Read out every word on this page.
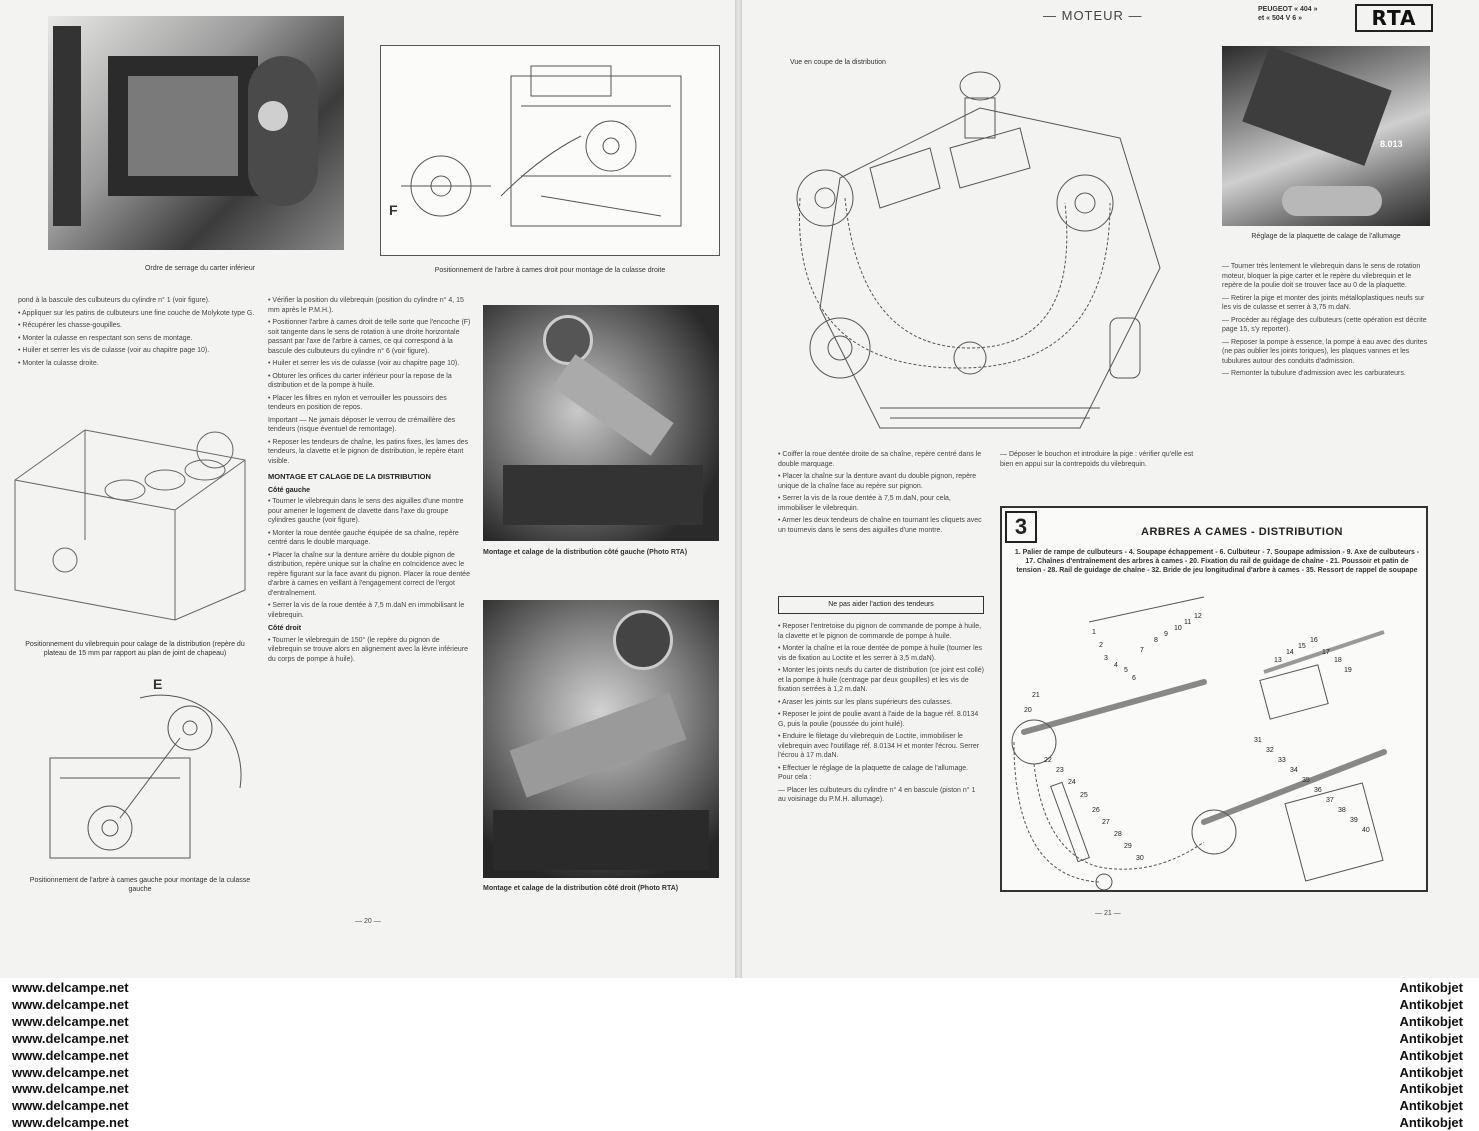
Ordre de serrage du carter inférieur
F
Positionnement de l'arbre à cames droit pour montage de la culasse droite

pond à la bascule des culbuteurs du cylindre n° 1 (voir figure).

• Appliquer sur les patins de culbuteurs une fine couche de Molykote type G.

• Récupérer les chasse-goupilles.

• Monter la culasse en respectant son sens de montage.

• Huiler et serrer les vis de culasse (voir au chapitre page 10).

• Monter la culasse droite.

Positionnement du vilebrequin pour calage de la distribution (repère du plateau de 15 mm par rapport au plan de joint de chapeau)
E
Positionnement de l'arbre à cames gauche pour montage de la culasse gauche

• Vérifier la position du vilebrequin (position du cylindre n° 4, 15 mm après le P.M.H.).

• Positionner l'arbre à cames droit de telle sorte que l'encoche (F) soit tangente dans le sens de rotation à une droite horizontale passant par l'axe de l'arbre à cames, ce qui correspond à la bascule des culbuteurs du cylindre n° 6 (voir figure).

• Huiler et serrer les vis de culasse (voir au chapitre page 10).

• Obturer les orifices du carter inférieur pour la repose de la distribution et de la pompe à huile.

• Placer les filtres en nylon et verrouiller les poussoirs des tendeurs en position de repos.

Important — Ne jamais déposer le verrou de crémaillère des tendeurs (risque éventuel de remontage).

• Reposer les tendeurs de chaîne, les patins fixes, les lames des tendeurs, la clavette et le pignon de distribution, le repère étant visible.

MONTAGE ET CALAGE DE LA DISTRIBUTION
Côté gauche

• Tourner le vilebrequin dans le sens des aiguilles d'une montre pour amener le logement de clavette dans l'axe du groupe cylindres gauche (voir figure).

• Monter la roue dentée gauche équipée de sa chaîne, repère centré dans le double marquage.

• Placer la chaîne sur la denture arrière du double pignon de distribution, repère unique sur la chaîne en coïncidence avec le repère figurant sur la face avant du pignon. Placer la roue dentée d'arbre à cames en veillant à l'engagement correct de l'ergot d'entraînement.

• Serrer la vis de la roue dentée à 7,5 m.daN en immobilisant le vilebrequin.

Côté droit

• Tourner le vilebrequin de 150° (le repère du pignon de vilebrequin se trouve alors en alignement avec la lèvre inférieure du corps de pompe à huile).

Montage et calage de la distribution côté gauche (Photo RTA)
Montage et calage de la distribution côté droit (Photo RTA)
— 20 —
— MOTEUR —	PEUGEOT « 404 »
et « 504 V 6 »	RTA
Vue en coupe de la distribution
8.013
Réglage de la plaquette de calage de l'allumage

— Tourner très lentement le vilebrequin dans le sens de rotation moteur, bloquer la pige carter et le repère du vilebrequin et le repère de la poulie doit se trouver face au 0 de la plaquette.

— Retirer la pige et monter des joints métalloplastiques neufs sur les vis de culasse et serrer à 3,75 m.daN.

— Procéder au réglage des culbuteurs (cette opération est décrite page 15, s'y reporter).

— Reposer la pompe à essence, la pompe à eau avec des durites (ne pas oublier les joints toriques), les plaques vannes et les tubulures autour des conduits d'admission.

— Remonter la tubulure d'admission avec les carburateurs.

• Coiffer la roue dentée droite de sa chaîne, repère centré dans le double marquage.

• Placer la chaîne sur la denture avant du double pignon, repère unique de la chaîne face au repère sur pignon.

• Serrer la vis de la roue dentée à 7,5 m.daN, pour cela, immobiliser le vilebrequin.

• Armer les deux tendeurs de chaîne en tournant les cliquets avec un tournevis dans le sens des aiguilles d'une montre.

Ne pas aider l'action des tendeurs

• Reposer l'entretoise du pignon de commande de pompe à huile, la clavette et le pignon de commande de pompe à huile.

• Monter la chaîne et la roue dentée de pompe à huile (tourner les vis de fixation au Loctite et les serrer à 3,5 m.daN).

• Monter les joints neufs du carter de distribution (ce joint est collé) et la pompe à huile (centrage par deux goupilles) et les vis de fixation serrées à 1,2 m.daN.

• Araser les joints sur les plans supérieurs des culasses.

• Reposer le joint de poulie avant à l'aide de la bague réf. 8.0134 G, puis la poulie (poussée du joint huilé).

• Enduire le filetage du vilebrequin de Loctite, immobiliser le vilebrequin avec l'outillage réf. 8.0134 H et monter l'écrou. Serrer l'écrou à 17 m.daN.

• Effectuer le réglage de la plaquette de calage de l'allumage. Pour cela :

— Placer les culbuteurs du cylindre n° 4 en bascule (piston n° 1 au voisinage du P.M.H. allumage).

— Déposer le bouchon et introduire la pige : vérifier qu'elle est bien en appui sur la contrepoids du vilebrequin.

3	ARBRES A CAMES - DISTRIBUTION
1. Palier de rampe de culbuteurs - 4. Soupape échappement - 6. Culbuteur - 7. Soupape admission - 9. Axe de culbuteurs - 17. Chaînes d'entraînement des arbres à cames - 20. Fixation du rail de guidage de chaîne - 21. Poussoir et patin de tension - 28. Rail de guidage de chaîne - 32. Bride de jeu longitudinal d'arbre à cames - 35. Ressort de rappel de soupape
1
2
3
4
5
6
7
8
9
10
11
12
13
14
15
16
17
18
19
20
21
22
23
24
25
26
27
28
29
30
31
32
33
34
35
36
37
38
39
40
— 21 —
www.delcampe.net
www.delcampe.net
www.delcampe.net
www.delcampe.net
www.delcampe.net
www.delcampe.net
www.delcampe.net
www.delcampe.net
www.delcampe.net
Antikobjet
Antikobjet
Antikobjet
Antikobjet
Antikobjet
Antikobjet
Antikobjet
Antikobjet
Antikobjet
